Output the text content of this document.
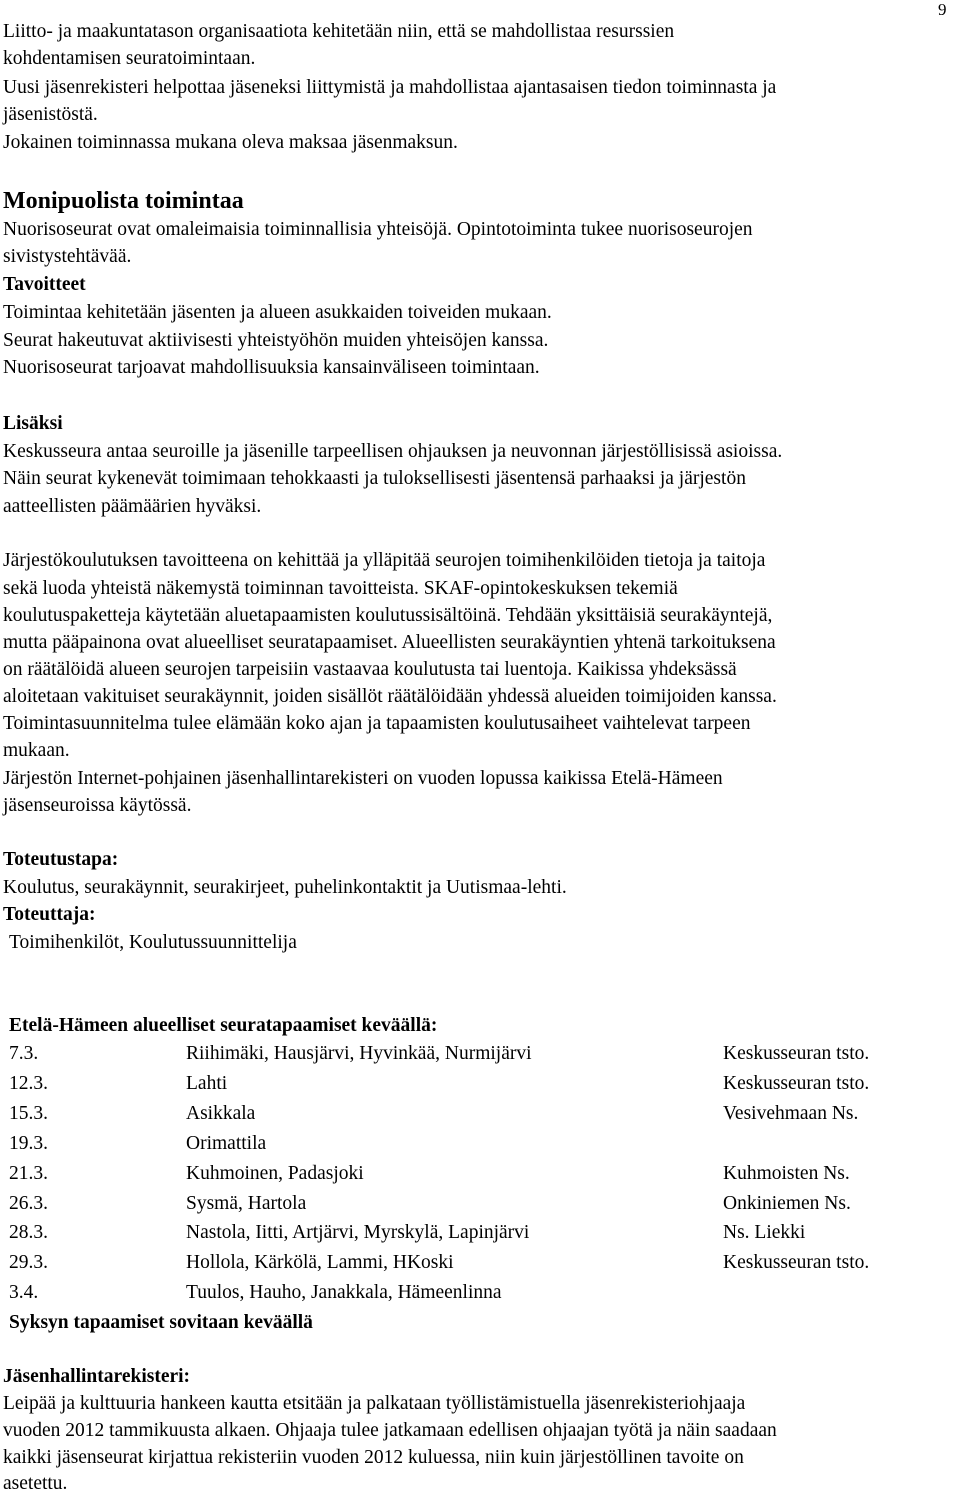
9
Liitto- ja maakuntatason organisaatiota kehitetään niin, että se mahdollistaa resurssien
kohdentamisen seuratoimintaan.
Uusi jäsenrekisteri helpottaa jäseneksi liittymistä ja mahdollistaa ajantasaisen tiedon toiminnasta ja
jäsenistöstä.
Jokainen toiminnassa mukana oleva maksaa jäsenmaksun.
Monipuolista toimintaa
Nuorisoseurat ovat omaleimaisia toiminnallisia yhteisöjä. Opintotoiminta tukee nuorisoseurojen
sivistystehtävää.
Tavoitteet
Toimintaa kehitetään jäsenten ja alueen asukkaiden toiveiden mukaan.
Seurat hakeutuvat aktiivisesti yhteistyöhön muiden yhteisöjen kanssa.
Nuorisoseurat tarjoavat mahdollisuuksia kansainväliseen toimintaan.
Lisäksi
Keskusseura antaa seuroille ja jäsenille tarpeellisen ohjauksen ja neuvonnan järjestöllisissä asioissa.
Näin seurat kykenevät toimimaan tehokkaasti ja tuloksellisesti jäsentensä parhaaksi ja järjestön
aatteellisten päämäärien hyväksi.
Järjestökoulutuksen tavoitteena on kehittää ja ylläpitää seurojen toimihenkilöiden tietoja ja taitoja
sekä luoda yhteistä näkemystä toiminnan tavoitteista. SKAF-opintokeskuksen tekemiä
koulutuspaketteja käytetään aluetapaamisten koulutussisältöinä. Tehdään yksittäisiä seurakäyntejä,
mutta pääpainona ovat alueelliset seuratapaamiset. Alueellisten seurakäyntien yhtenä tarkoituksena
on räätälöidä alueen seurojen tarpeisiin vastaavaa koulutusta tai luentoja. Kaikissa yhdeksässä
aloitetaan vakituiset seurakäynnit, joiden sisällöt räätälöidään yhdessä alueiden toimijoiden kanssa.
Toimintasuunnitelma tulee elämään koko ajan ja tapaamisten koulutusaiheet vaihtelevat tarpeen
mukaan.
Järjestön Internet-pohjainen jäsenhallintarekisteri on vuoden lopussa kaikissa Etelä-Hämeen
jäsenseuroissa käytössä.
Toteutustapa:
Koulutus, seurakäynnit, seurakirjeet, puhelinkontaktit ja Uutismaa-lehti.
Toteuttaja:
Toimihenkilöt, Koulutussuunnittelija
Etelä-Hämeen alueelliset seuratapaamiset keväällä:
7.3.	Riihimäki, Hausjärvi, Hyvinkää, Nurmijärvi	Keskusseuran tsto.
12.3.	Lahti	Keskusseuran tsto.
15.3.	Asikkala	Vesivehmaan Ns.
19.3.	Orimattila
21.3.	Kuhmoinen, Padasjoki	Kuhmoisten Ns.
26.3.	Sysmä, Hartola	Onkiniemen Ns.
28.3.	Nastola, Iitti, Artjärvi, Myrskylä, Lapinjärvi	Ns. Liekki
29.3.	Hollola, Kärkölä, Lammi, HKoski	Keskusseuran tsto.
3.4.	Tuulos, Hauho, Janakkala, Hämeenlinna
Syksyn tapaamiset sovitaan keväällä
Jäsenhallintarekisteri:
Leipää ja kulttuuria hankeen kautta etsitään ja palkataan työllistämistuella jäsenrekisteriohjaaja
vuoden 2012 tammikuusta alkaen. Ohjaaja tulee jatkamaan edellisen ohjaajan työtä ja näin saadaan
kaikki jäsenseurat kirjattua rekisteriin vuoden 2012 kuluessa, niin kuin järjestöllinen tavoite on
asetettu.
